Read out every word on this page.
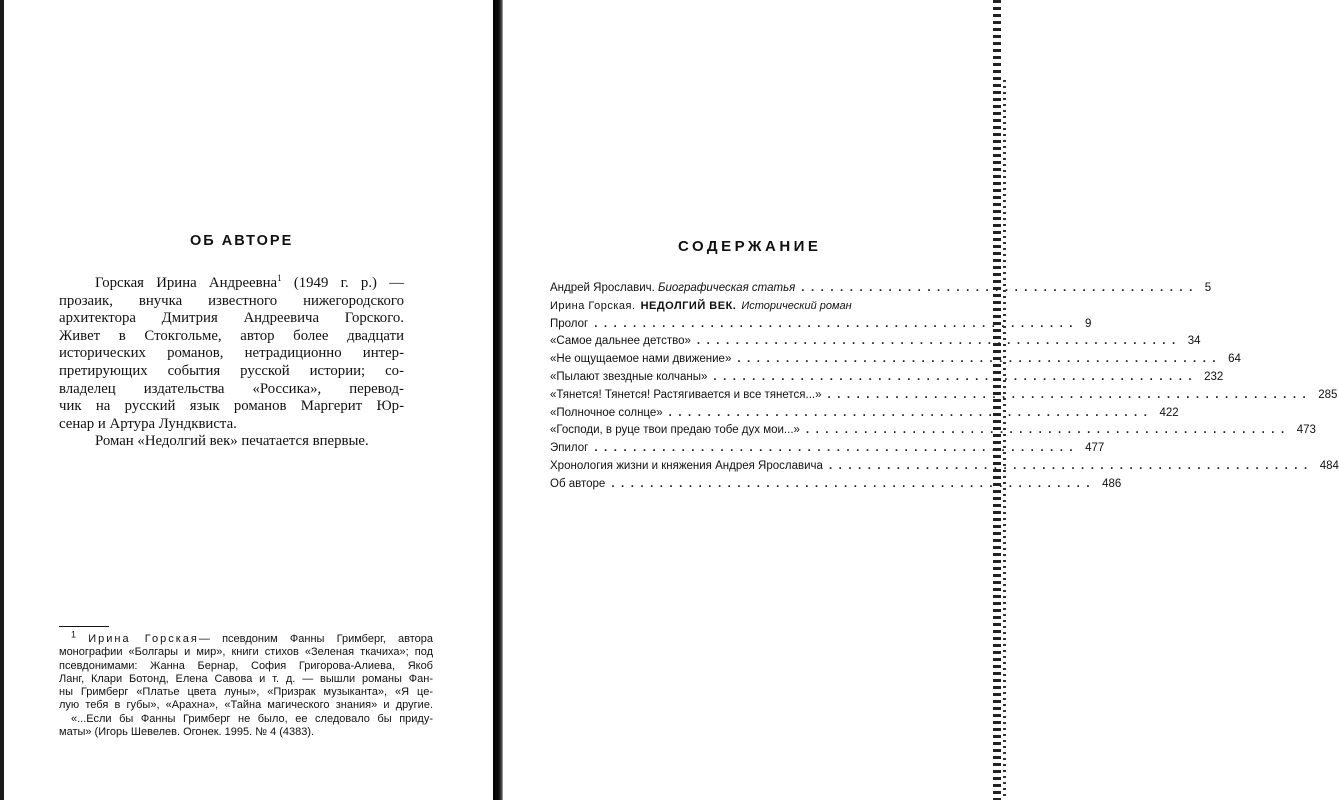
ОБ АВТОРЕ
Горская Ирина Андреевна$^1$ (1949 г. р.) —
прозаик, внучка известного нижегородского
архитектора Дмитрия Андреевича Горского.
Живет в Стокгольме, автор более двадцати
исторических романов, нетрадиционно интер-
претирующих события русской истории; со-
владелец издательства «Россика», перевод-
чик на русский язык романов Маргерит Юр-
сенар и Артура Лундквиста.
Роман «Недолгий век» печатается впервые.
$^1$ Ирина Горская— псевдоним Фанны Гримберг, автора
монографии «Болгары и мир», книги стихов «Зеленая ткачиха»; под
псевдонимами: Жанна Бернар, София Григорова-Алиева, Якоб
Ланг, Клари Ботонд, Елена Савова и т. д. — вышли романы Фан-
ны Гримберг «Платье цвета луны», «Призрак музыканта», «Я це-
лую тебя в губы», «Арахна», «Тайна магического знания» и другие.
«...Если бы Фанны Гримберг не было, ее следовало бы приду-
маты» (Игорь Шевелев. Огонек. 1995. № 4 (4383).
СОДЕРЖАНИЕ
Андрей Ярославич. Биографическая статья ......................................... 5
Ирина Горская. НЕДОЛГИЙ ВЕК. Исторический роман
Пролог .................................................. 9
«Самое дальнее детство» .................................................. 34
«Не ощущаемое нами движение» .................................................. 64
«Пылают звездные колчаны» .................................................. 232
«Тянется! Тянется! Растягивается и все тянется...» .................................................. 285
«Полночное солнце» .................................................. 422
«Господи, в руце твои предаю тобе дух мои...» .................................................. 473
Эпилог .................................................. 477
Хронология жизни и княжения Андрея Ярославича .................................................. 484
Об авторе .................................................. 486
